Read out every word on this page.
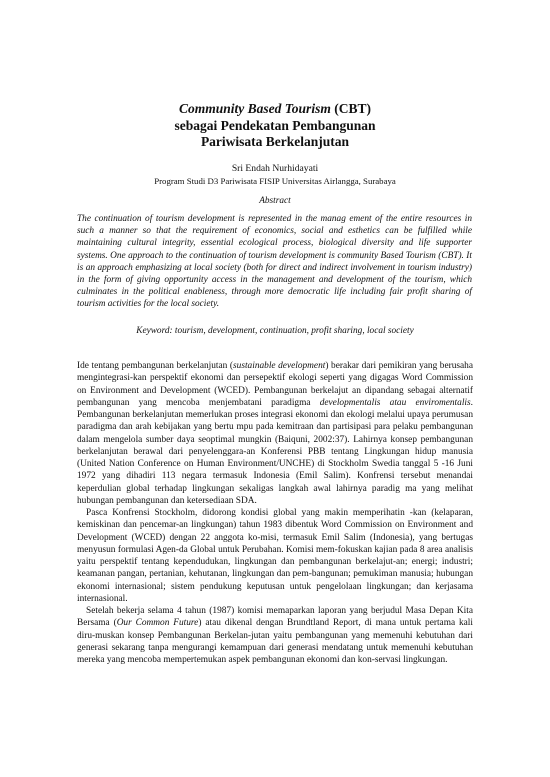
Community Based Tourism (CBT)
sebagai Pendekatan Pembangunan
Pariwisata Berkelanjutan
Sri Endah Nurhidayati
Program Studi D3 Pariwisata FISIP Universitas Airlangga, Surabaya
Abstract

The continuation of tourism development is represented in the manag ement of the entire resources in such a manner so that the requirement of economics, social and esthetics can be fulfilled while maintaining cultural integrity, essential ecological process, biological diversity and life supporter systems. One approach to the continuation of tourism development is community Based Tourism (CBT). It is an approach emphasizing at local society (both for direct and indirect involvement in tourism industry) in the form of giving opportunity access in the management and development of the tourism, which culminates in the political enableness, through more democratic life including fair profit sharing of tourism activities for the local society.

Keyword: tourism, development, continuation, profit sharing, local society

Ide tentang pembangunan berkelanjutan (sustainable development) berakar dari pemikiran yang berusaha mengintegrasi-kan perspektif ekonomi dan persepektif ekologi seperti yang digagas Word Commission on Environment and Development (WCED). Pembangunan berkelajut an dipandang sebagai alternatif pembangunan yang mencoba menjembatani paradigma developmentalis atau enviromentalis. Pembangunan berkelanjutan memerlukan proses integrasi ekonomi dan ekologi melalui upaya perumusan paradigma dan arah kebijakan yang bertu mpu pada kemitraan dan partisipasi para pelaku pembangunan dalam mengelola sumber daya seoptimal mungkin (Baiquni, 2002:37). Lahirnya konsep pembangunan berkelanjutan berawal dari penyelenggara-an Konferensi PBB tentang Lingkungan hidup manusia (United Nation Conference on Human Environment/UNCHE) di Stockholm Swedia tanggal 5 -16 Juni 1972 yang dihadiri 113 negara termasuk Indonesia (Emil Salim). Konfrensi tersebut menandai keperdulian global terhadap lingkungan sekaligas langkah awal lahirnya paradig ma yang melihat hubungan pembangunan dan ketersediaan SDA.

Pasca Konfrensi Stockholm, didorong kondisi global yang makin memperihatin -kan (kelaparan, kemiskinan dan pencemar-an lingkungan) tahun 1983 dibentuk Word Commission on Environment and Development (WCED) dengan 22 anggota ko-misi, termasuk Emil Salim (Indonesia), yang bertugas menyusun formulasi Agen-da Global untuk Perubahan. Komisi mem-fokuskan kajian pada 8 area analisis yaitu perspektif tentang kependudukan, lingkungan dan pembangunan berkelajut-an; energi; industri; keamanan pangan, pertanian, kehutanan, lingkungan dan pem-bangunan; pemukiman manusia; hubungan ekonomi internasional; sistem pendukung keputusan untuk pengelolaan lingkungan; dan kerjasama internasional.

Setelah bekerja selama 4 tahun (1987) komisi memaparkan laporan yang berjudul Masa Depan Kita Bersama (Our Common Future) atau dikenal dengan Brundtland Report, di mana untuk pertama kali diru-muskan konsep Pembangunan Berkelan-jutan yaitu pembangunan yang memenuhi kebutuhan dari generasi sekarang tanpa mengurangi kemampuan dari generasi mendatang untuk memenuhi kebutuhan mereka yang mencoba mempertemukan aspek pembangunan ekonomi dan kon-servasi lingkungan.
